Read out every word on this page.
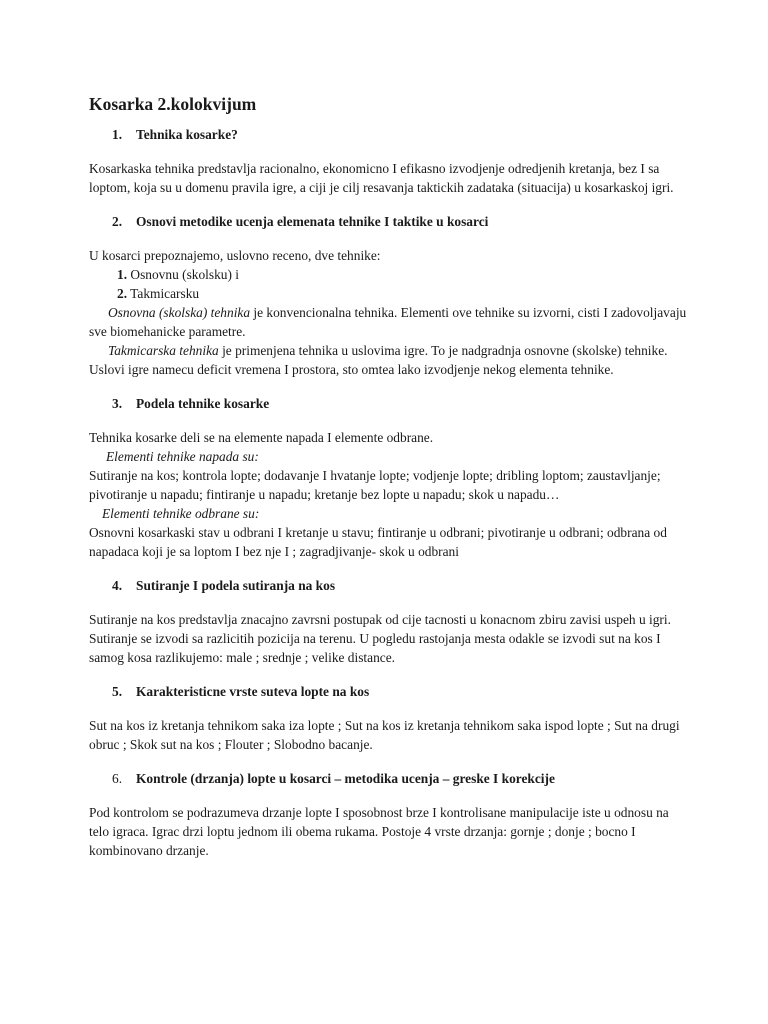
Kosarka 2.kolokvijum
1.	Tehnika kosarke?

Kosarkaska tehnika predstavlja racionalno, ekonomicno I efikasno izvodjenje odredjenih kretanja, bez I sa loptom, koja su u domenu pravila igre, a ciji je cilj resavanja taktickih zadataka (situacija) u kosarkaskoj igri.

2.	Osnovi metodike ucenja elemenata tehnike I taktike u kosarci

U kosarci prepoznajemo, uslovno receno, dve tehnike:

1. Osnovnu (skolsku) i

2. Takmicarsku

Osnovna (skolska) tehnika je konvencionalna tehnika. Elementi ove tehnike su izvorni, cisti I zadovoljavaju sve biomehanicke parametre.

Takmicarska tehnika je primenjena tehnika u uslovima igre. To je nadgradnja osnovne (skolske) tehnike. Uslovi igre namecu deficit vremena I prostora, sto omtea lako izvodjenje nekog elementa tehnike.

3.	Podela tehnike kosarke

Tehnika kosarke deli se na elemente napada I elemente odbrane.

Elementi tehnike napada su:

Sutiranje na kos; kontrola lopte; dodavanje I hvatanje lopte; vodjenje lopte; dribling loptom; zaustavljanje; pivotiranje u napadu; fintiranje u napadu; kretanje bez lopte u napadu; skok u napadu…

Elementi tehnike odbrane su:

Osnovni kosarkaski stav u odbrani I kretanje u stavu; fintiranje u odbrani; pivotiranje u odbrani; odbrana od napadaca koji je sa loptom I bez nje I ; zagradjivanje- skok u odbrani

4.	Sutiranje I podela sutiranja na kos

Sutiranje na kos predstavlja znacajno zavrsni postupak od cije tacnosti u konacnom zbiru zavisi uspeh u igri. Sutiranje se izvodi sa razlicitih pozicija na terenu. U pogledu rastojanja mesta odakle se izvodi sut na kos I samog kosa razlikujemo: male ; srednje ; velike distance.

5.	Karakteristicne vrste suteva lopte na kos

Sut na kos iz kretanja tehnikom saka iza lopte ; Sut na kos iz kretanja tehnikom saka ispod lopte ; Sut na drugi obruc ; Skok sut na kos ; Flouter ; Slobodno bacanje.

6.	Kontrole (drzanja) lopte u kosarci – metodika ucenja – greske I korekcije

Pod kontrolom se podrazumeva drzanje lopte I sposobnost brze I kontrolisane manipulacije iste u odnosu na telo igraca. Igrac drzi loptu jednom ili obema rukama. Postoje 4 vrste drzanja: gornje ; donje ; bocno I kombinovano drzanje.
